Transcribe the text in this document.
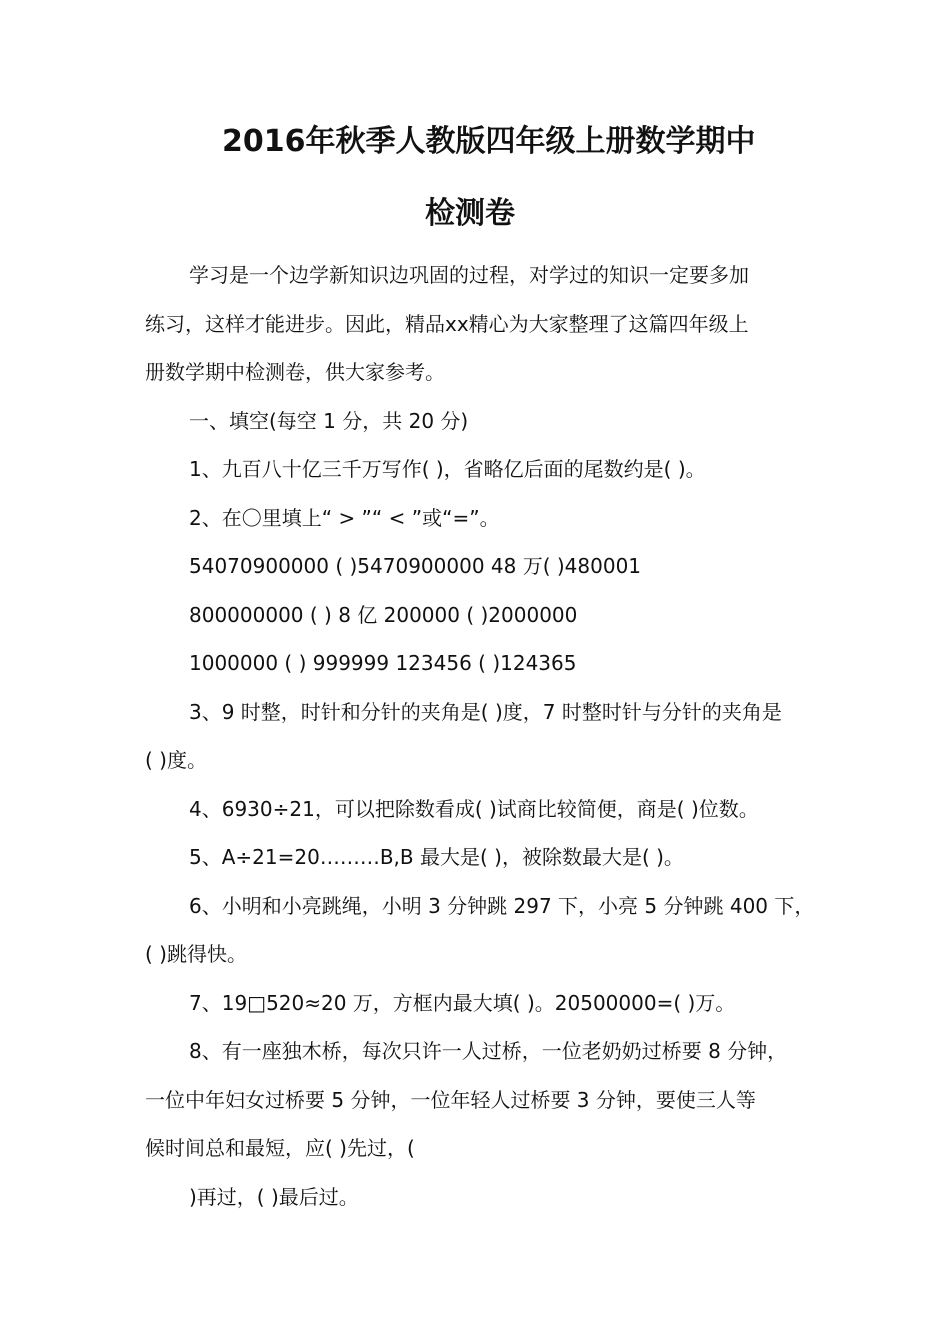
2016年秋季人教版四年级上册数学期中
检测卷
学习是一个边学新知识边巩固的过程，对学过的知识一定要多加
练习，这样才能进步。因此，精品xx精心为大家整理了这篇四年级上
册数学期中检测卷，供大家参考。
一、填空(每空 1 分，共 20 分)
1、九百八十亿三千万写作( )，省略亿后面的尾数约是( )。
2、在〇里填上“ > ”“ < ”或“=”。
54070900000 ( )5470900000 48 万( )480001
800000000 ( ) 8 亿 200000 ( )2000000
1000000 ( ) 999999 123456 ( )124365
3、9 时整，时针和分针的夹角是( )度，7 时整时针与分针的夹角是
( )度。
4、6930÷21，可以把除数看成( )试商比较简便，商是( )位数。
5、A÷21=20………B,B 最大是( )，被除数最大是( )。
6、小明和小亮跳绳，小明 3 分钟跳 297 下，小亮 5 分钟跳 400 下，
( )跳得快。
7、19□520≈20 万，方框内最大填( )。20500000=( )万。
8、有一座独木桥，每次只许一人过桥，一位老奶奶过桥要 8 分钟，
一位中年妇女过桥要 5 分钟，一位年轻人过桥要 3 分钟，要使三人等
候时间总和最短，应( )先过，(
)再过，( )最后过。
